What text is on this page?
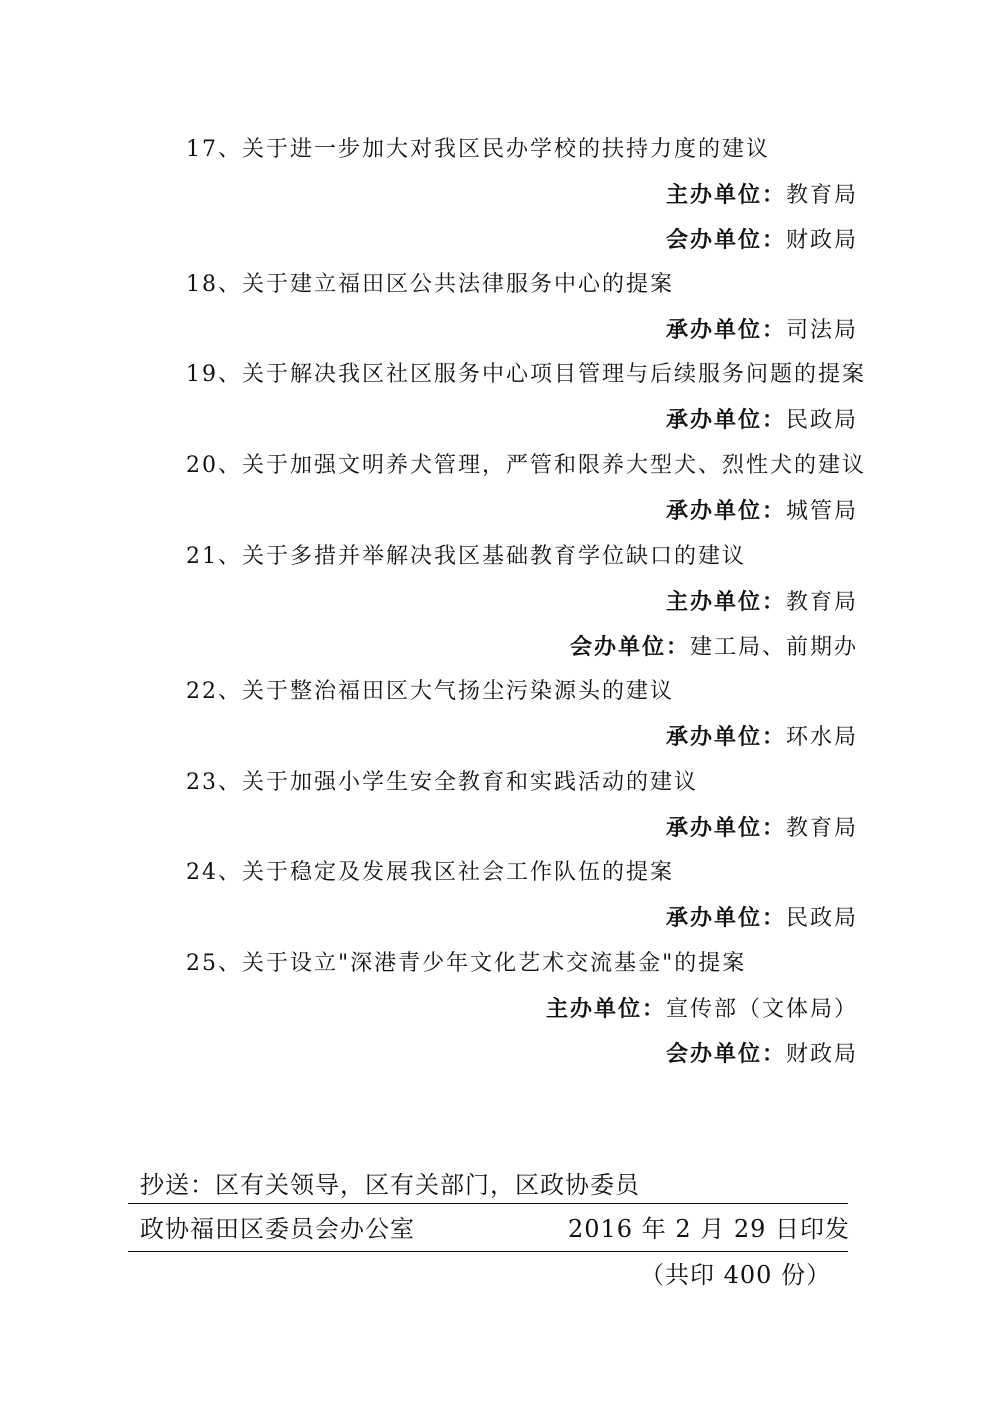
17、关于进一步加大对我区民办学校的扶持力度的建议
主办单位：教育局
会办单位：财政局
18、关于建立福田区公共法律服务中心的提案
承办单位：司法局
19、关于解决我区社区服务中心项目管理与后续服务问题的提案
承办单位：民政局
20、关于加强文明养犬管理，严管和限养大型犬、烈性犬的建议
承办单位：城管局
21、关于多措并举解决我区基础教育学位缺口的建议
主办单位：教育局
会办单位：建工局、前期办
22、关于整治福田区大气扬尘污染源头的建议
承办单位：环水局
23、关于加强小学生安全教育和实践活动的建议
承办单位：教育局
24、关于稳定及发展我区社会工作队伍的提案
承办单位：民政局
25、关于设立"深港青少年文化艺术交流基金"的提案
主办单位：宣传部（文体局）
会办单位：财政局
抄送：区有关领导，区有关部门，区政协委员
政协福田区委员会办公室	2016 年 2 月 29 日印发
（共印 400 份）
